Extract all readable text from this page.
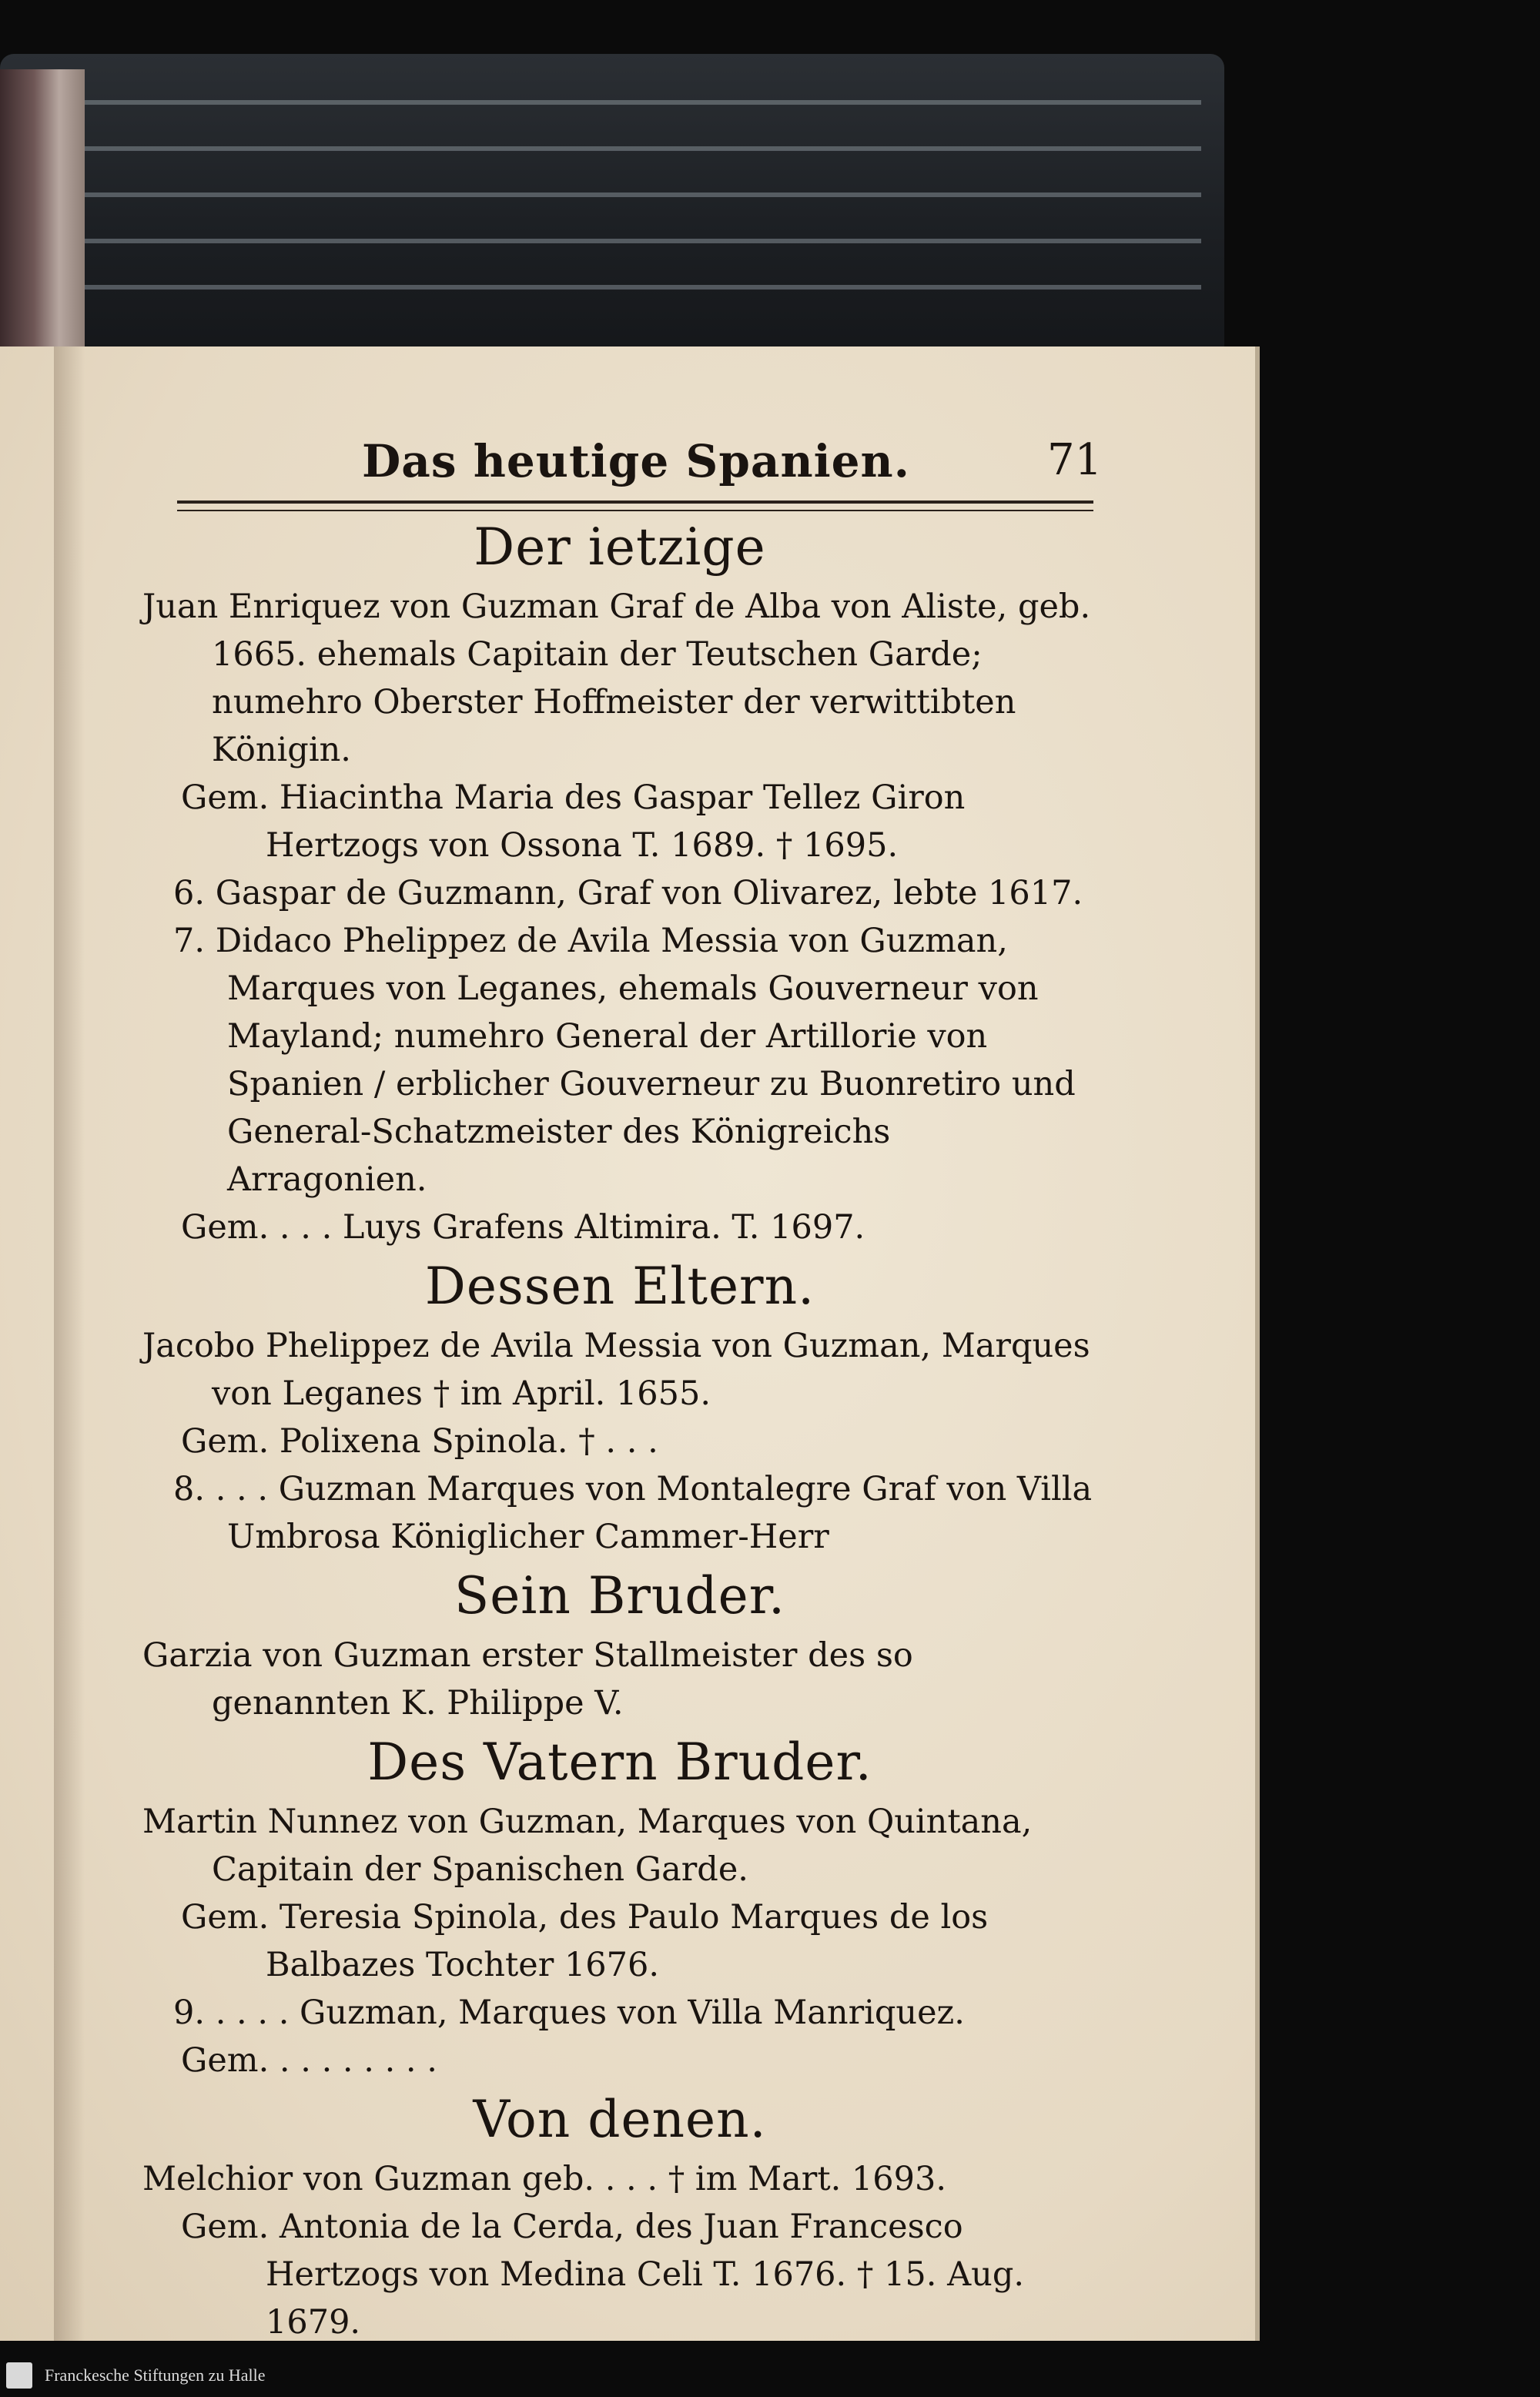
Das heutige Spanien.	71

Der ietzige

Juan Enriquez von Guzman Graf de Alba von Aliste, geb. 1665. ehemals Capitain der Teutschen Garde; numehro Oberster Hoffmeister der verwittibten Königin.

Gem. Hiacintha Maria des Gaspar Tellez Giron Hertzogs von Ossona T. 1689. † 1695.

6. Gaspar de Guzmann, Graf von Olivarez, lebte 1617.

7. Didaco Phelippez de Avila Messia von Guzman, Marques von Leganes, ehemals Gouverneur von Mayland; numehro General der Artillorie von Spanien / erblicher Gouverneur zu Buonretiro und General-Schatzmeister des Königreichs Arragonien.

Gem. . . . Luys Grafens Altimira. T. 1697.

Dessen Eltern.

Jacobo Phelippez de Avila Messia von Guzman, Marques von Leganes † im April. 1655.

Gem. Polixena Spinola. † . . .

8. . . . Guzman Marques von Montalegre Graf von Villa Umbrosa Königlicher Cammer-Herr

Sein Bruder.

Garzia von Guzman erster Stallmeister des so genannten K. Philippe V.

Des Vatern Bruder.

Martin Nunnez von Guzman, Marques von Quintana, Capitain der Spanischen Garde.

Gem. Teresia Spinola, des Paulo Marques de los Balbazes Tochter 1676.

9. . . . . Guzman, Marques von Villa Manriquez.

Gem. . . . . . . . .

Von denen.

Melchior von Guzman geb. . . . † im Mart. 1693.

Gem. Antonia de la Cerda, des Juan Francesco Hertzogs von Medina Celi T. 1676. † 15. Aug. 1679.

Franckesche Stiftungen zu Halle
